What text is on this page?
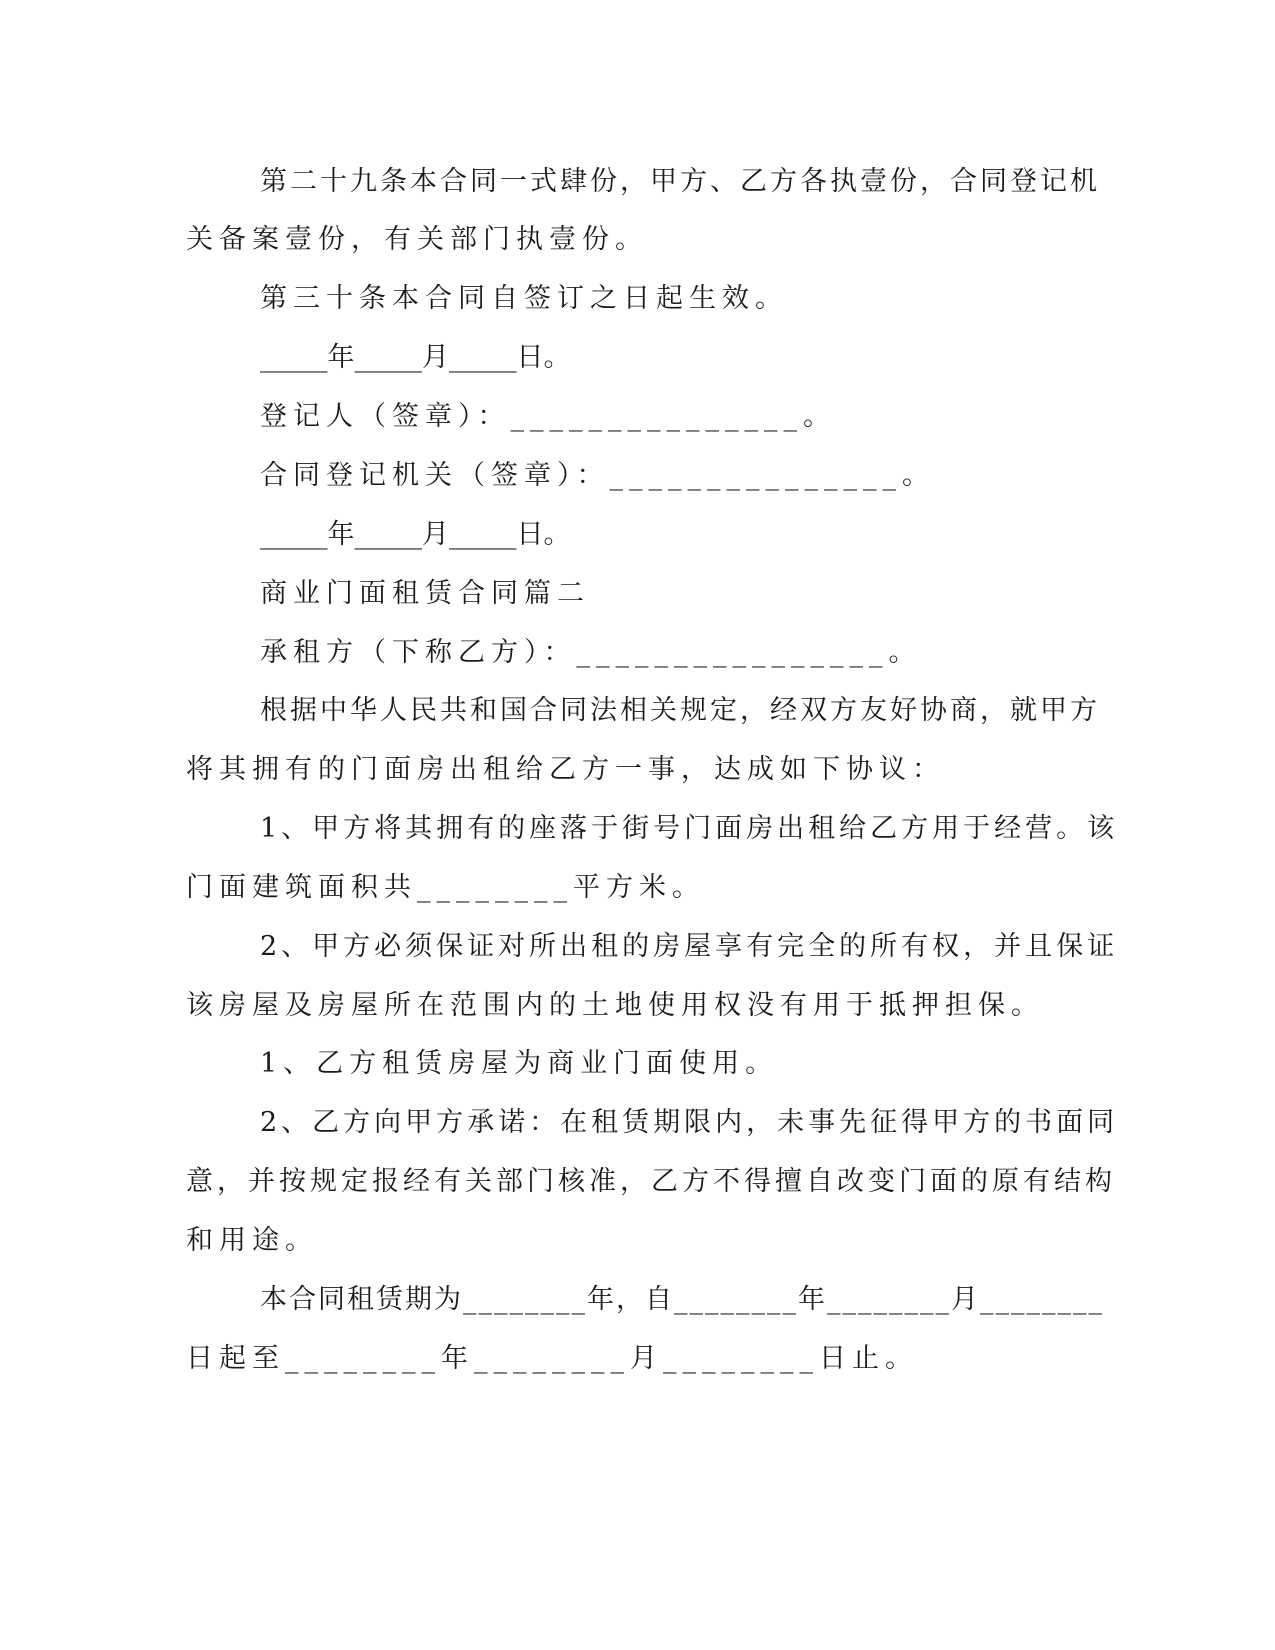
第二十九条本合同一式肆份，甲方、乙方各执壹份，合同登记机
关备案壹份，有关部门执壹份。
第三十条本合同自签订之日起生效。
_____年_____月_____日。
登记人（签章）：_______________。
合同登记机关（签章）：_______________。
_____年_____月_____日。
商业门面租赁合同篇二
承租方（下称乙方）：________________。
根据中华人民共和国合同法相关规定，经双方友好协商，就甲方
将其拥有的门面房出租给乙方一事，达成如下协议：
1、甲方将其拥有的座落于街号门面房出租给乙方用于经营。该
门面建筑面积共________平方米。
2、甲方必须保证对所出租的房屋享有完全的所有权，并且保证
该房屋及房屋所在范围内的土地使用权没有用于抵押担保。
1、乙方租赁房屋为商业门面使用。
2、乙方向甲方承诺：在租赁期限内，未事先征得甲方的书面同
意，并按规定报经有关部门核准，乙方不得擅自改变门面的原有结构
和用途。
本合同租赁期为________年，自________年________月________
日起至________年________月________日止。
